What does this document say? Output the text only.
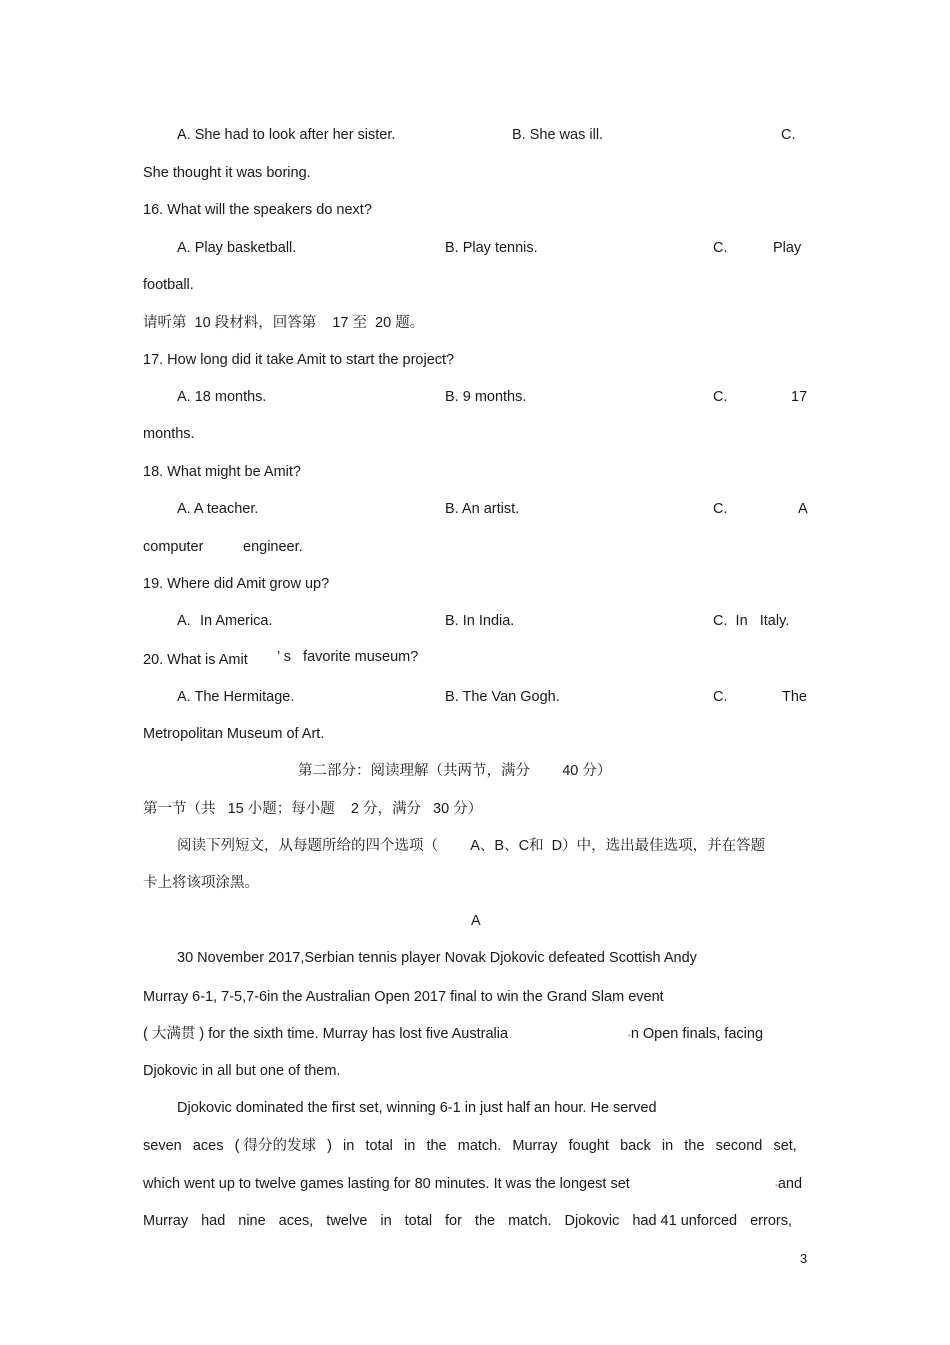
A. She had to look after her sister.	B. She was ill.	C.
She thought it was boring.
16. What will the speakers do next?
A. Play basketball.	B. Play tennis.	C.	Play
football.
请听第  10 段材料，回答第    17 至  20 题。
17. How long did it take Amit to start the project?
A. 18 months.	B. 9 months.	C.	17
months.
18. What might be Amit?
A. A teacher.	B. An artist.	C.	A
computer	engineer.
19. Where did Amit grow up?
A. In America.	B. In India.	C.  In   Italy.
20. What is Amit ’ s   favorite museum?
A. The Hermitage.	B. The Van Gogh.	C.	The
Metropolitan Museum of Art.
第二部分：阅读理解（共两节，满分        40 分）
第一节（共   15 小题；每小题    2 分，满分   30 分）
阅读下列短文，从每题所给的四个选项（        A、B、C和  D）中，选出最佳选项，并在答题
卡上将该项涂黑。
A
30 November 2017,Serbian tennis player Novak Djokovic defeated Scottish Andy
Murray 6-1, 7-5,7-6in the Australian Open 2017 final to win the Grand Slam event
( 大满贯 ) for the sixth time. Murray has lost five Australia	•n Open finals, facing
Djokovic in all but one of them.
Djokovic dominated the first set, winning 6-1 in just half an hour. He served
seven aces ( 得分的发球 ) in total in the match. Murray fought back in the second set,
which went up to twelve games lasting for 80 minutes. It was the longest set	•and
Murray had nine aces, twelve in total for the match. Djokovic had 41 unforced errors,
3
